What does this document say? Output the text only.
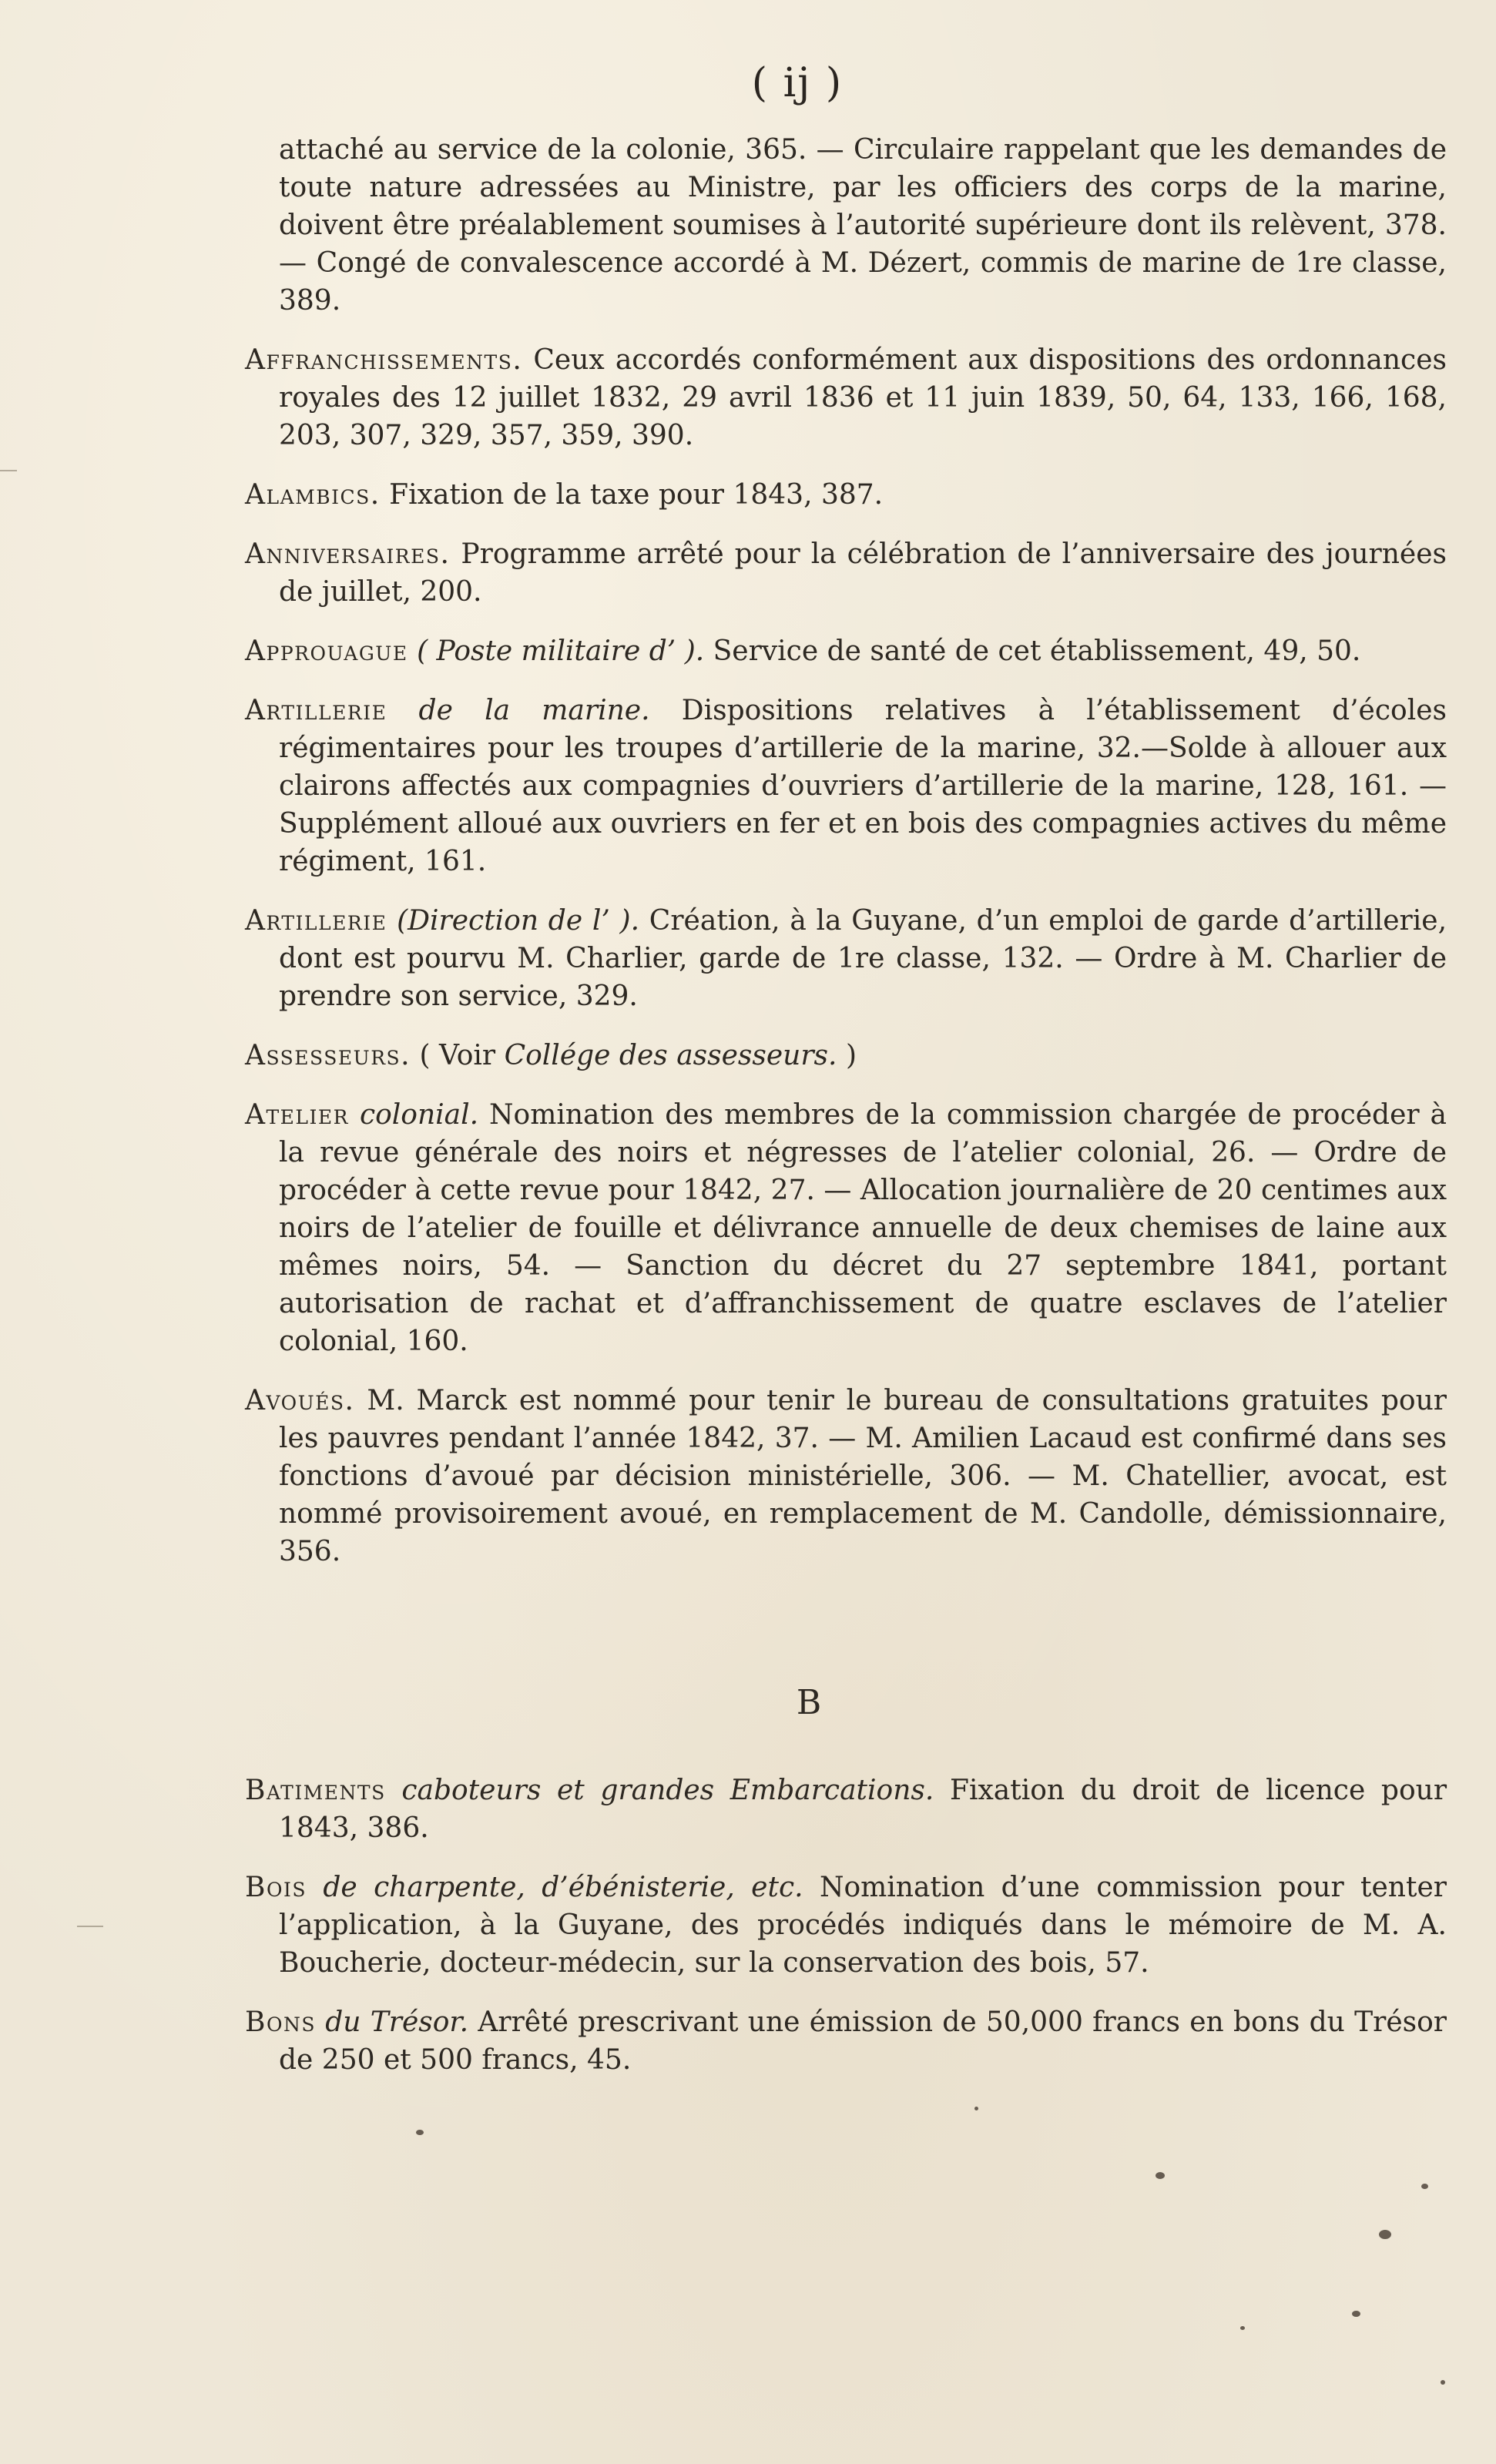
( ij )

attaché au service de la colonie, 365. — Circulaire rappelant que les demandes de toute nature adressées au Ministre, par les officiers des corps de la marine, doivent être préalablement soumises à l’autorité supérieure dont ils relèvent, 378. — Congé de convalescence accordé à M. Dézert, commis de marine de 1re classe, 389.

Affranchissements. Ceux accordés conformément aux dispositions des ordonnances royales des 12 juillet 1832, 29 avril 1836 et 11 juin 1839, 50, 64, 133, 166, 168, 203, 307, 329, 357, 359, 390.

Alambics. Fixation de la taxe pour 1843, 387.

Anniversaires. Programme arrêté pour la célébration de l’anniversaire des journées de juillet, 200.

Approuague ( Poste militaire d’ ). Service de santé de cet établissement, 49, 50.

Artillerie de la marine. Dispositions relatives à l’établissement d’écoles régimentaires pour les troupes d’artillerie de la marine, 32.—Solde à allouer aux clairons affectés aux compagnies d’ouvriers d’artillerie de la marine, 128, 161. — Supplément alloué aux ouvriers en fer et en bois des compagnies actives du même régiment, 161.

Artillerie (Direction de l’ ). Création, à la Guyane, d’un emploi de garde d’artillerie, dont est pourvu M. Charlier, garde de 1re classe, 132. — Ordre à M. Charlier de prendre son service, 329.

Assesseurs. ( Voir Collége des assesseurs. )

Atelier colonial. Nomination des membres de la commission chargée de procéder à la revue générale des noirs et négresses de l’atelier colonial, 26. — Ordre de procéder à cette revue pour 1842, 27. — Allocation journalière de 20 centimes aux noirs de l’atelier de fouille et délivrance annuelle de deux chemises de laine aux mêmes noirs, 54. — Sanction du décret du 27 septembre 1841, portant autorisation de rachat et d’affranchissement de quatre esclaves de l’atelier colonial, 160.

Avoués. M. Marck est nommé pour tenir le bureau de consultations gratuites pour les pauvres pendant l’année 1842, 37. — M. Amilien Lacaud est confirmé dans ses fonctions d’avoué par décision ministérielle, 306. — M. Chatellier, avocat, est nommé provisoirement avoué, en remplacement de M. Candolle, démissionnaire, 356.

B

Batiments caboteurs et grandes Embarcations. Fixation du droit de licence pour 1843, 386.

Bois de charpente, d’ébénisterie, etc. Nomination d’une commission pour tenter l’application, à la Guyane, des procédés indiqués dans le mémoire de M. A. Boucherie, docteur-médecin, sur la conservation des bois, 57.

Bons du Trésor. Arrêté prescrivant une émission de 50,000 francs en bons du Trésor de 250 et 500 francs, 45.
